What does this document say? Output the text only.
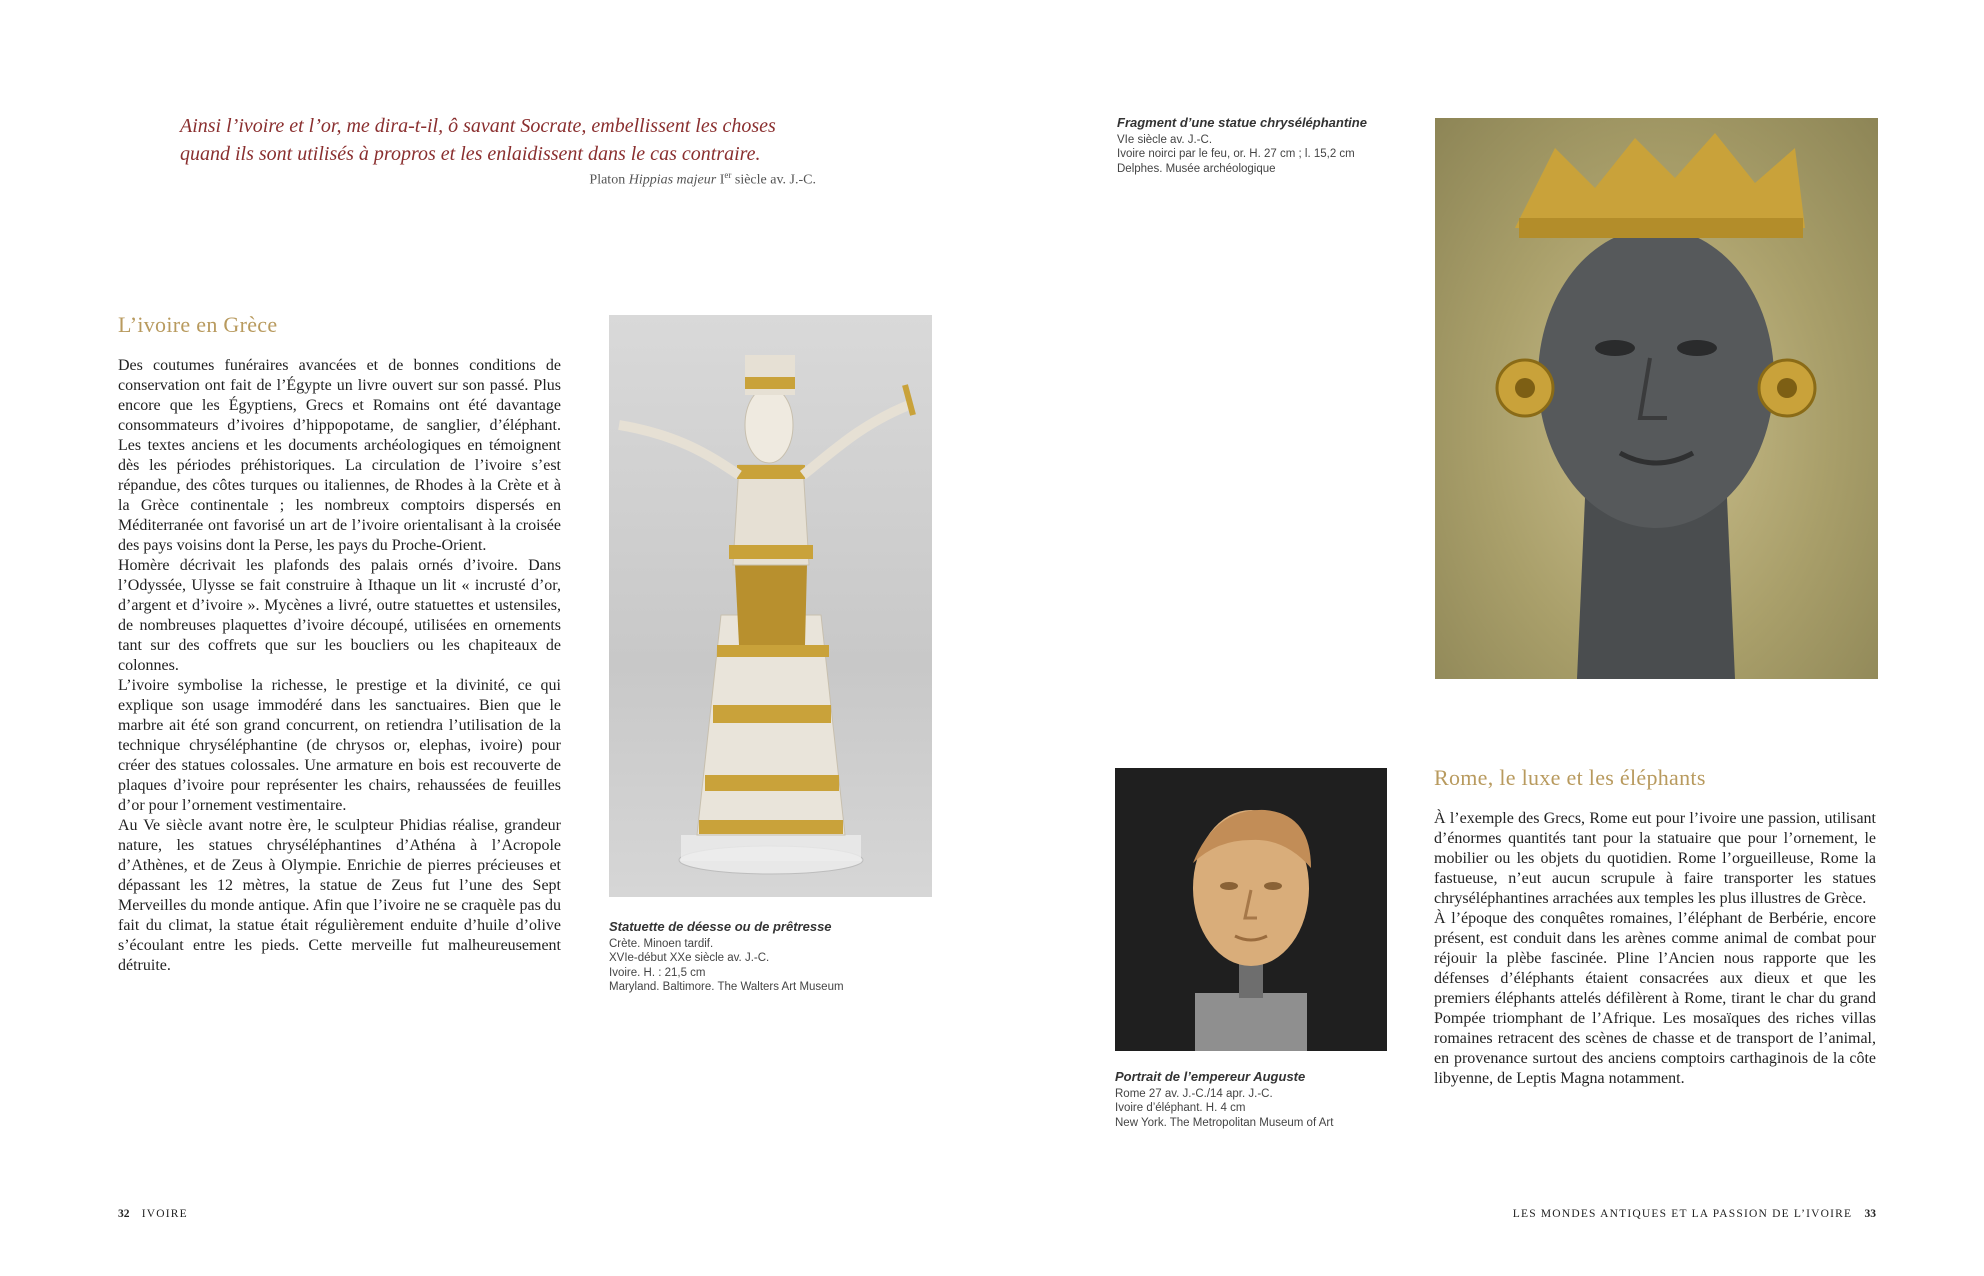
Ainsi l’ivoire et l’or, me dira-t-il, ô savant Socrate, embellissent les choses
quand ils sont utilisés à propros et les enlaidissent dans le cas contraire.
Platon Hippias majeur Ier siècle av. J.-C.
L’ivoire en Grèce

Des coutumes funéraires avancées et de bonnes conditions de conservation ont fait de l’Égypte un livre ouvert sur son passé. Plus encore que les Égyptiens, Grecs et Romains ont été davantage consommateurs d’ivoires d’hippopotame, de sanglier, d’éléphant. Les textes anciens et les documents archéologiques en témoignent dès les périodes préhistoriques. La circulation de l’ivoire s’est répandue, des côtes turques ou italiennes, de Rhodes à la Crète et à la Grèce continentale ; les nombreux comptoirs dispersés en Méditerranée ont favorisé un art de l’ivoire orientalisant à la croisée des pays voisins dont la Perse, les pays du Proche-Orient.

Homère décrivait les plafonds des palais ornés d’ivoire. Dans l’Odyssée, Ulysse se fait construire à Ithaque un lit « incrusté d’or, d’argent et d’ivoire ». Mycènes a livré, outre statuettes et ustensiles, de nombreuses plaquettes d’ivoire découpé, utilisées en ornements tant sur des coffrets que sur les boucliers ou les chapiteaux de colonnes.

L’ivoire symbolise la richesse, le prestige et la divinité, ce qui explique son usage immodéré dans les sanctuaires. Bien que le marbre ait été son grand concurrent, on retiendra l’utilisation de la technique chryséléphantine (de chrysos or, elephas, ivoire) pour créer des statues colossales. Une armature en bois est recouverte de plaques d’ivoire pour représenter les chairs, rehaussées de feuilles d’or pour l’ornement vestimentaire.

Au Ve siècle avant notre ère, le sculpteur Phidias réalise, grandeur nature, les statues chryséléphantines d’Athéna à l’Acropole d’Athènes, et de Zeus à Olympie. Enrichie de pierres précieuses et dépassant les 12 mètres, la statue de Zeus fut l’une des Sept Merveilles du monde antique. Afin que l’ivoire ne se craquèle pas du fait du climat, la statue était régulièrement enduite d’huile d’olive s’écoulant entre les pieds. Cette merveille fut malheureusement détruite.

Statuette de déesse ou de prêtresse
Crète. Minoen tardif.
XVIe-début XXe siècle av. J.-C.
Ivoire. H. : 21,5 cm
Maryland. Baltimore. The Walters Art Museum
Fragment d’une statue chryséléphantine
VIe siècle av. J.-C.
Ivoire noirci par le feu, or. H. 27 cm ; l. 15,2 cm
Delphes. Musée archéologique
Portrait de l’empereur Auguste
Rome 27 av. J.-C./14 apr. J.-C.
Ivoire d’éléphant. H. 4 cm
New York. The Metropolitan Museum of Art
Rome, le luxe et les éléphants

À l’exemple des Grecs, Rome eut pour l’ivoire une passion, utilisant d’énormes quantités tant pour la statuaire que pour l’ornement, le mobilier ou les objets du quotidien. Rome l’orgueilleuse, Rome la fastueuse, n’eut aucun scrupule à faire transporter les statues chryséléphantines arrachées aux temples les plus illustres de Grèce.

À l’époque des conquêtes romaines, l’éléphant de Berbérie, encore présent, est conduit dans les arènes comme animal de combat pour réjouir la plèbe fascinée. Pline l’Ancien nous rapporte que les défenses d’éléphants étaient consacrées aux dieux et que les premiers éléphants attelés défilèrent à Rome, tirant le char du grand Pompée triomphant de l’Afrique. Les mosaïques des riches villas romaines retracent des scènes de chasse et de transport de l’animal, en provenance surtout des anciens comptoirs carthaginois de la côte libyenne, de Leptis Magna notamment.

32 IVOIRE	LES MONDES ANTIQUES ET LA PASSION DE L’IVOIRE 33
